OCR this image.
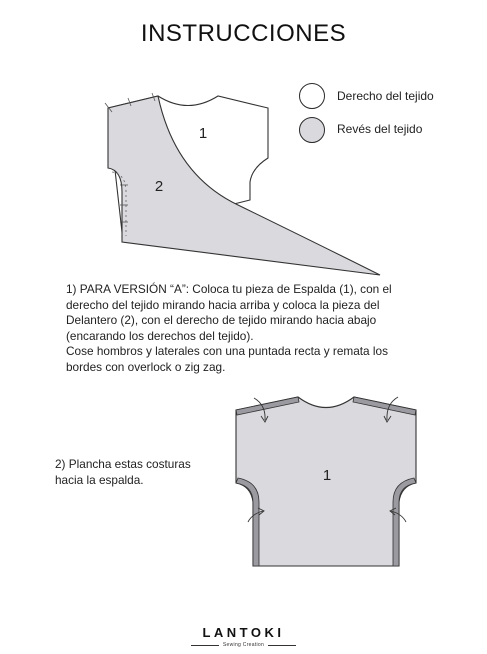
INSTRUCCIONES
Derecho del tejido
Revés del tejido
1
2
1
1) PARA VERSIÓN “A”: Coloca tu pieza de Espalda (1), con el
derecho del tejido mirando hacia arriba y coloca la pieza del
Delantero (2), con el derecho de tejido mirando hacia abajo
(encarando los derechos del tejido).
Cose hombros y laterales con una puntada recta y remata los
bordes con overlock o zig zag.
2) Plancha estas costuras
hacia la espalda.
LANTOKI
Sewing Creation
